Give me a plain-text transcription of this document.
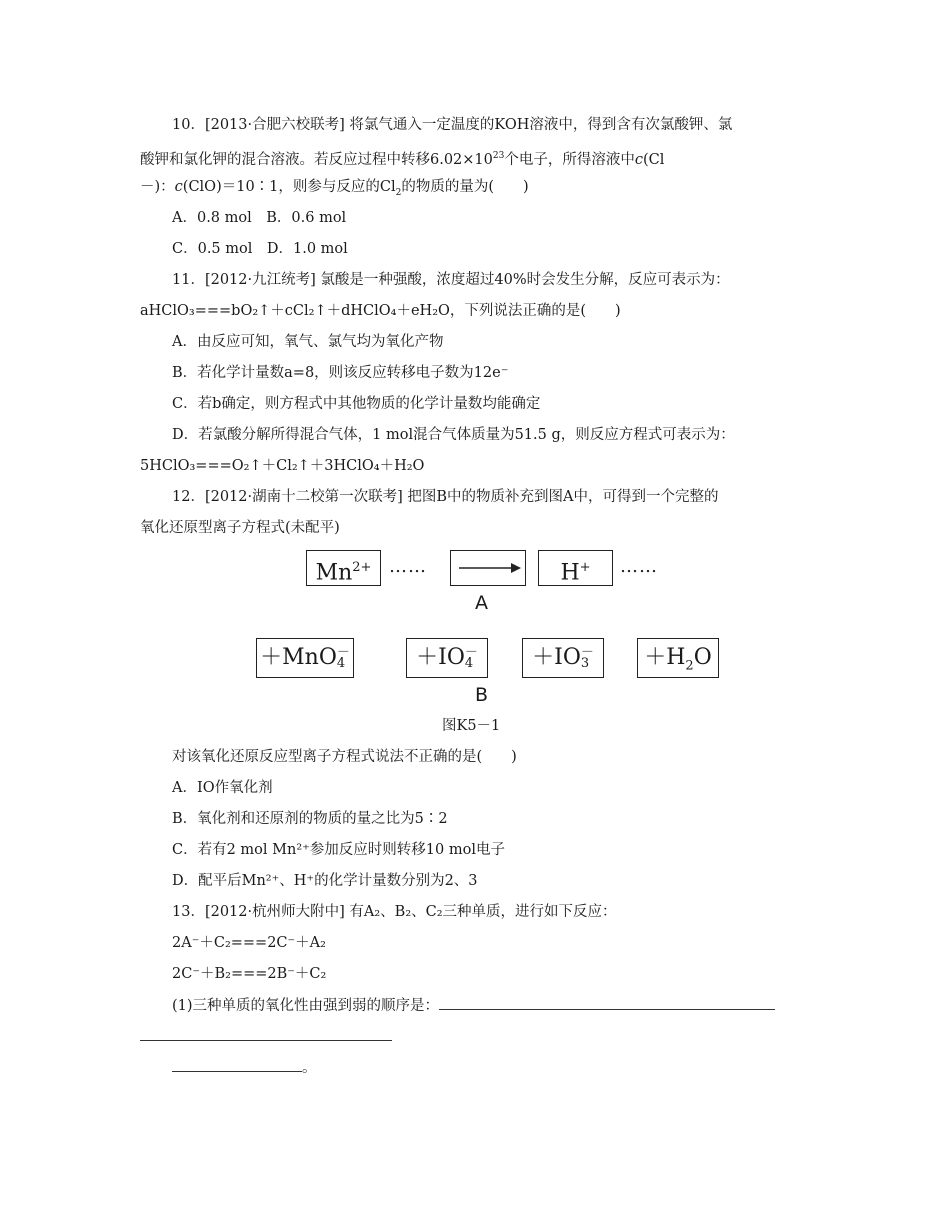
10．[2013·合肥六校联考] 将氯气通入一定温度的KOH溶液中，得到含有次氯酸钾、氯
酸钾和氯化钾的混合溶液。若反应过程中转移$6.02\times 10^{23}$个电子，所得溶液中c(Cl
－)：c(ClO)＝10∶1，则参与反应的$Cl_2$的物质的量为(　　)
A．0.8 mol　B．0.6 mol
C．0.5 mol　D．1.0 mol
11．[2012·九江统考] 氯酸是一种强酸，浓度超过40%时会发生分解，反应可表示为：
aHClO₃===bO₂↑＋cCl₂↑＋dHClO₄＋eH₂O，下列说法正确的是(　　)
A．由反应可知，氧气、氯气均为氧化产物
B．若化学计量数a=8，则该反应转移电子数为12e⁻
C．若b确定，则方程式中其他物质的化学计量数均能确定
D．若氯酸分解所得混合气体，1 mol混合气体质量为51.5 g，则反应方程式可表示为：
5HClO₃===O₂↑＋Cl₂↑＋3HClO₄＋H₂O
12．[2012·湖南十二校第一次联考] 把图B中的物质补充到图A中，可得到一个完整的
氧化还原型离子方程式(未配平)
$Mn^{2+}$ ……	H+	……
A
＋MnO－
4	＋IO－
4	＋IO－
3	$+H_2O$
B
图K5－1
对该氧化还原反应型离子方程式说法不正确的是(　　)
A．IO作氧化剂
B．氧化剂和还原剂的物质的量之比为5∶2
C．若有2 mol Mn²⁺参加反应时则转移10 mol电子
D．配平后Mn²⁺、H⁺的化学计量数分别为2、3
13．[2012·杭州师大附中] 有A₂、B₂、C₂三种单质，进行如下反应：
2A⁻＋C₂===2C⁻＋A₂
2C⁻＋B₂===2B⁻＋C₂
(1)三种单质的氧化性由强到弱的顺序是：
。
